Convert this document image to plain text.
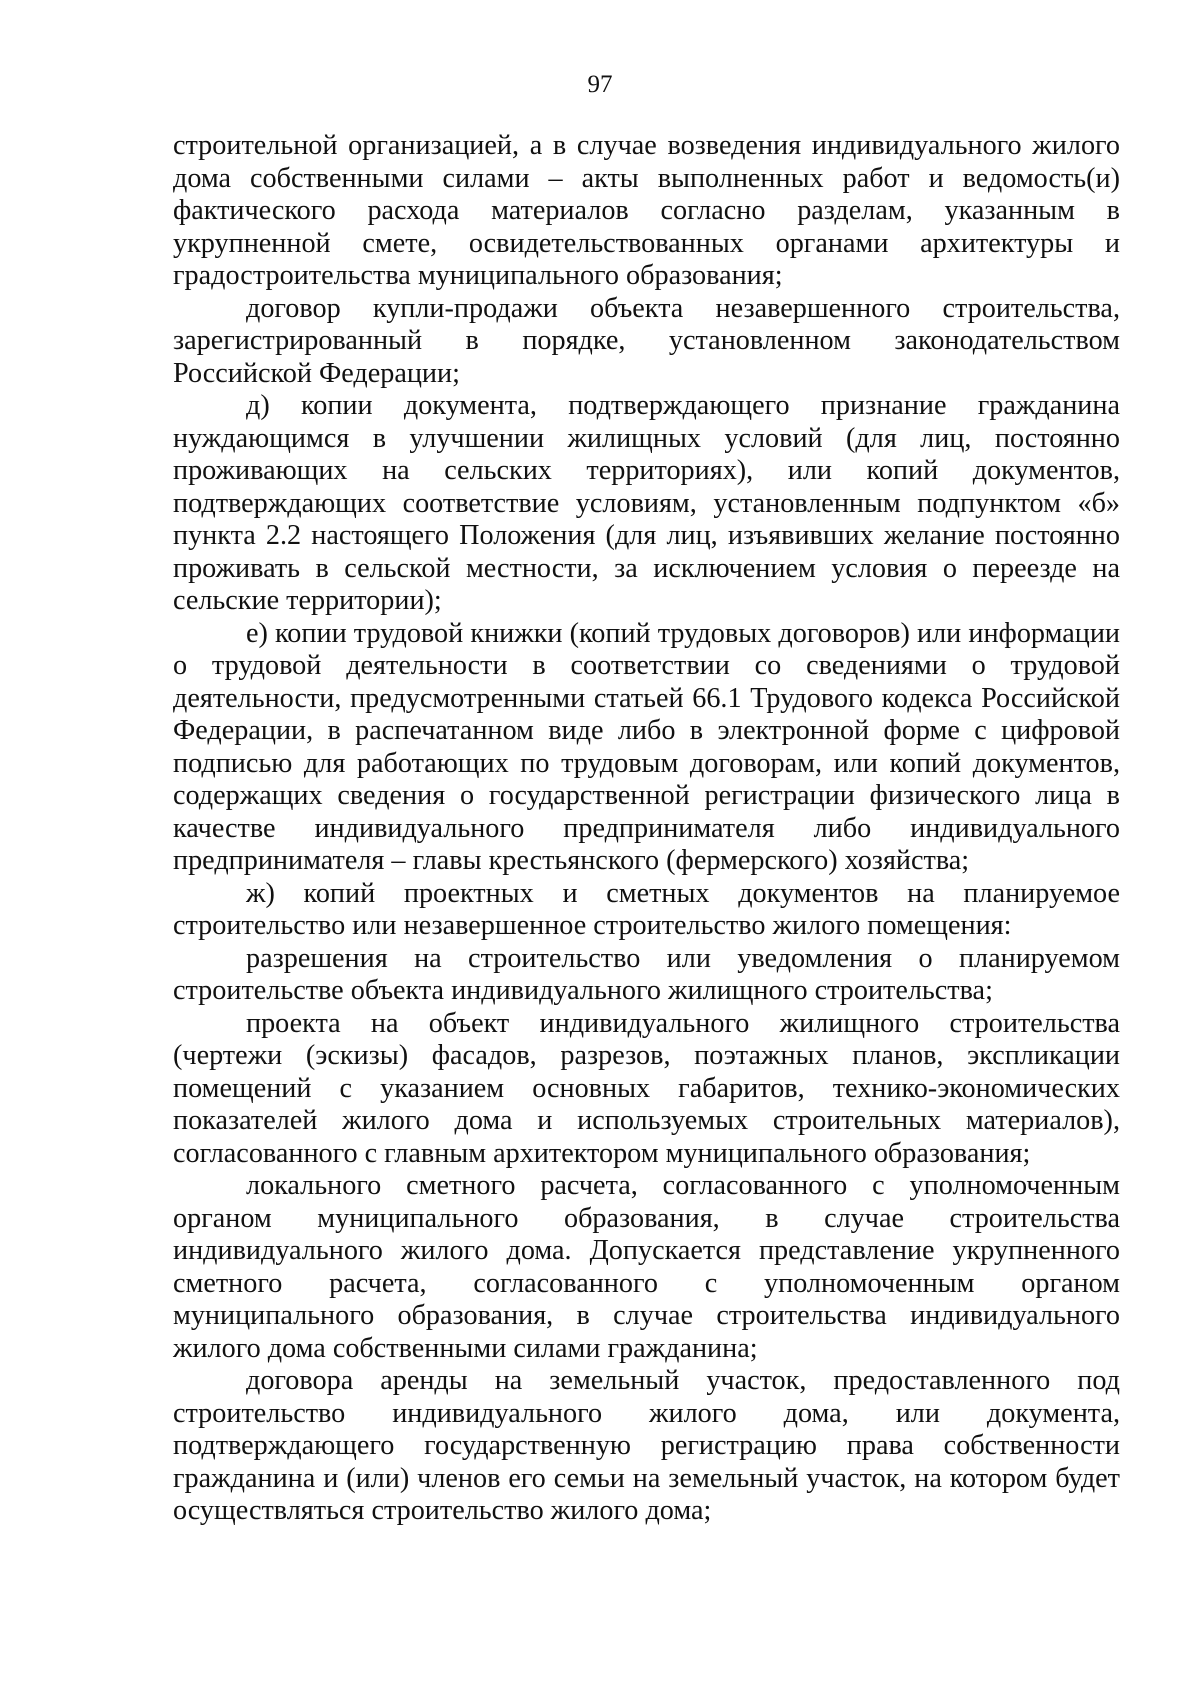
97

строительной организацией, а в случае возведения индивидуального жилого дома собственными силами – акты выполненных работ и ведомость(и) фактического расхода материалов согласно разделам, указанным в укрупненной смете, освидетельствованных органами архитектуры и градостроительства муниципального образования;

договор купли-продажи объекта незавершенного строительства, зарегистрированный в порядке, установленном законодательством Российской Федерации;

д) копии документа, подтверждающего признание гражданина нуждающимся в улучшении жилищных условий (для лиц, постоянно проживающих на сельских территориях), или копий документов, подтверждающих соответствие условиям, установленным подпунктом «б» пункта 2.2 настоящего Положения (для лиц, изъявивших желание постоянно проживать в сельской местности, за исключением условия о переезде на сельские территории);

е) копии трудовой книжки (копий трудовых договоров) или информации о трудовой деятельности в соответствии со сведениями о трудовой деятельности, предусмотренными статьей 66.1 Трудового кодекса Российской Федерации, в распечатанном виде либо в электронной форме с цифровой подписью для работающих по трудовым договорам, или копий документов, содержащих сведения о государственной регистрации физического лица в качестве индивидуального предпринимателя либо индивидуального предпринимателя – главы крестьянского (фермерского) хозяйства;

ж) копий проектных и сметных документов на планируемое строительство или незавершенное строительство жилого помещения:

разрешения на строительство или уведомления о планируемом строительстве объекта индивидуального жилищного строительства;

проекта на объект индивидуального жилищного строительства (чертежи (эскизы) фасадов, разрезов, поэтажных планов, экспликации помещений с указанием основных габаритов, технико-экономических показателей жилого дома и используемых строительных материалов), согласованного с главным архитектором муниципального образования;

локального сметного расчета, согласованного с уполномоченным органом муниципального образования, в случае строительства индивидуального жилого дома. Допускается представление укрупненного сметного расчета, согласованного с уполномоченным органом муниципального образования, в случае строительства индивидуального жилого дома собственными силами гражданина;

договора аренды на земельный участок, предоставленного под строительство индивидуального жилого дома, или документа, подтверждающего государственную регистрацию права собственности гражданина и (или) членов его семьи на земельный участок, на котором будет осуществляться строительство жилого дома;
